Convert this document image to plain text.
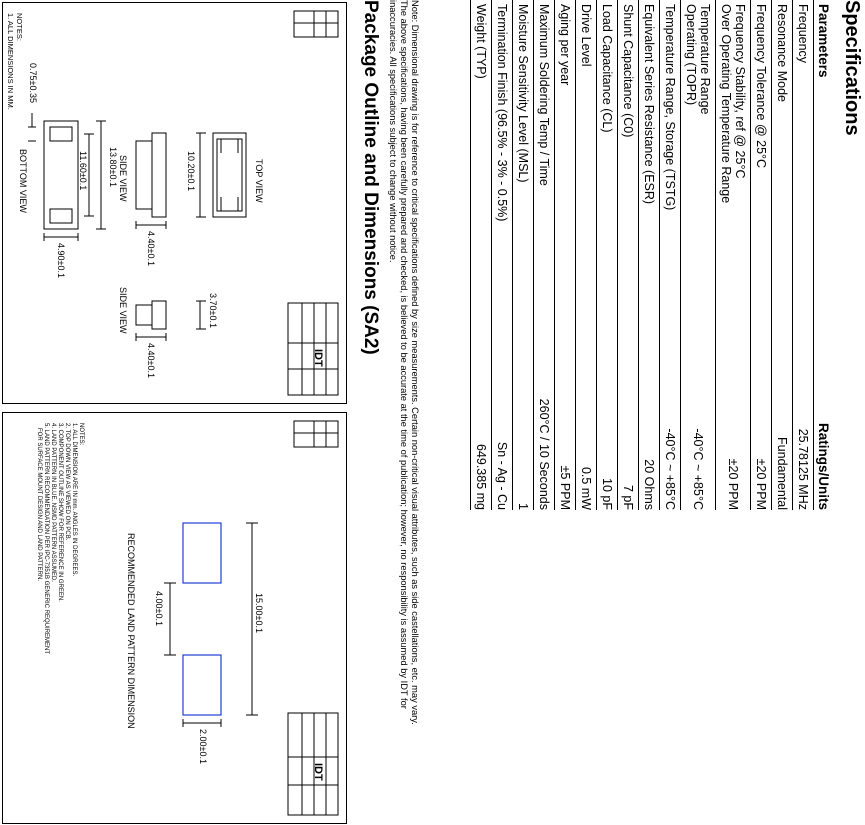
Specifications
Parameters	Ratings/Units

Frequency	25.78125 MHz

Resonance Mode	Fundamental

Frequency Tolerance @ 25°C	±20 PPM

Frequency Stability, ref @ 25°C
Over Operating Temperature Range	±20 PPM

Temperature Range
Operating (TOPR)	-40°C ~ +85°C

Temperature Range, Storage (TSTG)	-40°C ~ +85°C

Equivalent Series Resistance (ESR)	20 Ohms

Shunt Capacitance (C0)	7 pF

Load Capacitance (CL)	10 pF

Drive Level	0.5 mW

Aging per year	±5 PPM

Maximum Soldering Temp / Time	260°C / 10 Seconds

Moisture Sensitivity Level (MSL)	1

Termination Finish (96.5% - 3% - 0.5%)	Sn - Ag - Cu

Weight (TYP)	649.385 mg
Note: Dimensional drawing is for reference to critical specifications defined by size measurements. Certain non-critical visual attributes, such as side castellations, etc. may vary.
The above specifications, having been carefully prepared and checked, is believed to be accurate at the time of publication; however, no responsibility is assumed by IDT for
inaccuracies. All specifications subject to change without notice.
Package Outline and Dimensions (SA2)
TOP VIEW
10.20±0.1
SIDE VIEW
4.40±0.1
3.70±0.1
4.40±0.1
SIDE VIEW
13.80±0.1
11.60±0.1
4.90±0.1
0.75±0.35
BOTTOM VIEW
NOTES:
1. ALL DIMENSIONS IN MM.
IDT
15.00±0.1
4.00±0.1
2.00±0.1
RECOMMENDED LAND PATTERN DIMENSION
NOTES:
1. ALL DIMENSION ARE IN mm. ANGLES IN DEGREES.
2. TOP DOWN VIEW AS VIEWED ON PCB.
3. COMPONENT OUTLINE SHOW FOR REFERENCE IN GREEN.
4. LAND PATTERN IN BLUE. NSMD PATTERN ASSUMED.
5. LAND PATTERN RECOMMENDATION PER IPC-7351B GENERIC REQUIREMENT
FOR SURFACE MOUNT DESIGN AND LAND PATTERN.
IDT
